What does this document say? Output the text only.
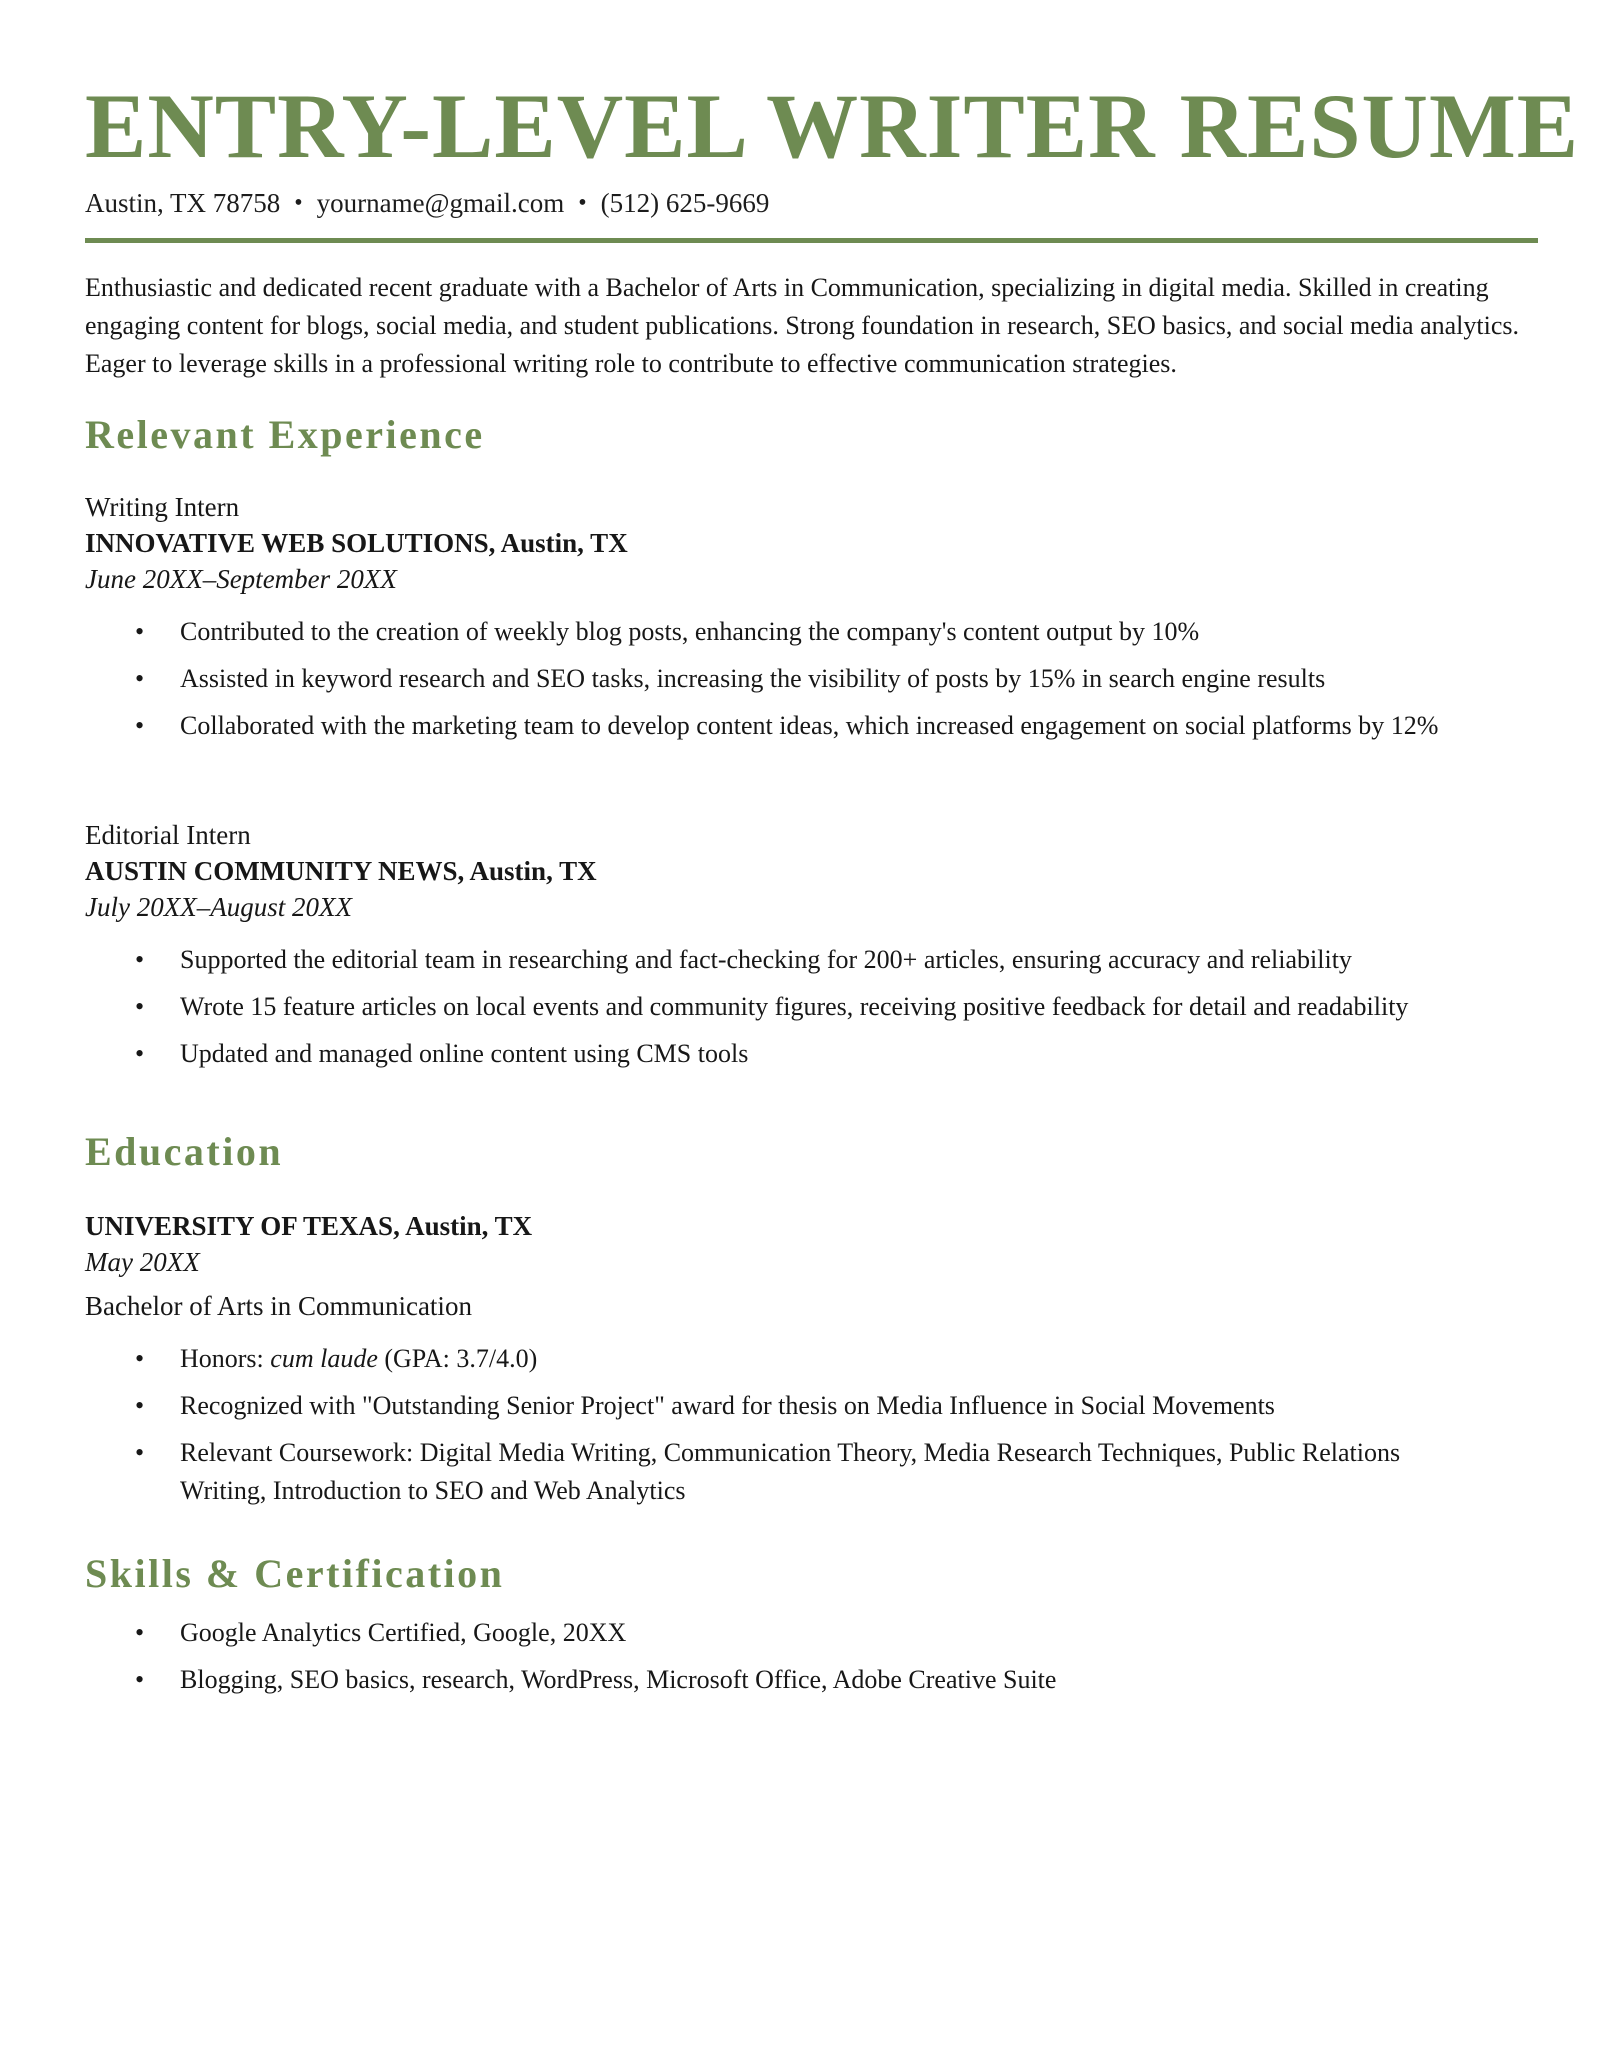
ENTRY-LEVEL WRITER RESUME
Austin, TX 78758 • yourname@gmail.com • (512) 625-9669

Enthusiastic and dedicated recent graduate with a Bachelor of Arts in Communication, specializing in digital media. Skilled in creating engaging content for blogs, social media, and student publications. Strong foundation in research, SEO basics, and social media analytics. Eager to leverage skills in a professional writing role to contribute to effective communication strategies.

Relevant Experience

Writing Intern

INNOVATIVE WEB SOLUTIONS, Austin, TX

June 20XX–September 20XX

• Contributed to the creation of weekly blog posts, enhancing the company's content output by 10%
• Assisted in keyword research and SEO tasks, increasing the visibility of posts by 15% in search engine results
• Collaborated with the marketing team to develop content ideas, which increased engagement on social platforms by 12%

Editorial Intern

AUSTIN COMMUNITY NEWS, Austin, TX

July 20XX–August 20XX

• Supported the editorial team in researching and fact-checking for 200+ articles, ensuring accuracy and reliability
• Wrote 15 feature articles on local events and community figures, receiving positive feedback for detail and readability
• Updated and managed online content using CMS tools
Education

UNIVERSITY OF TEXAS, Austin, TX

May 20XX

Bachelor of Arts in Communication

• Honors: cum laude (GPA: 3.7/4.0)
• Recognized with "Outstanding Senior Project" award for thesis on Media Influence in Social Movements
• Relevant Coursework: Digital Media Writing, Communication Theory, Media Research Techniques, Public Relations Writing, Introduction to SEO and Web Analytics
Skills & Certification
• Google Analytics Certified, Google, 20XX
• Blogging, SEO basics, research, WordPress, Microsoft Office, Adobe Creative Suite
